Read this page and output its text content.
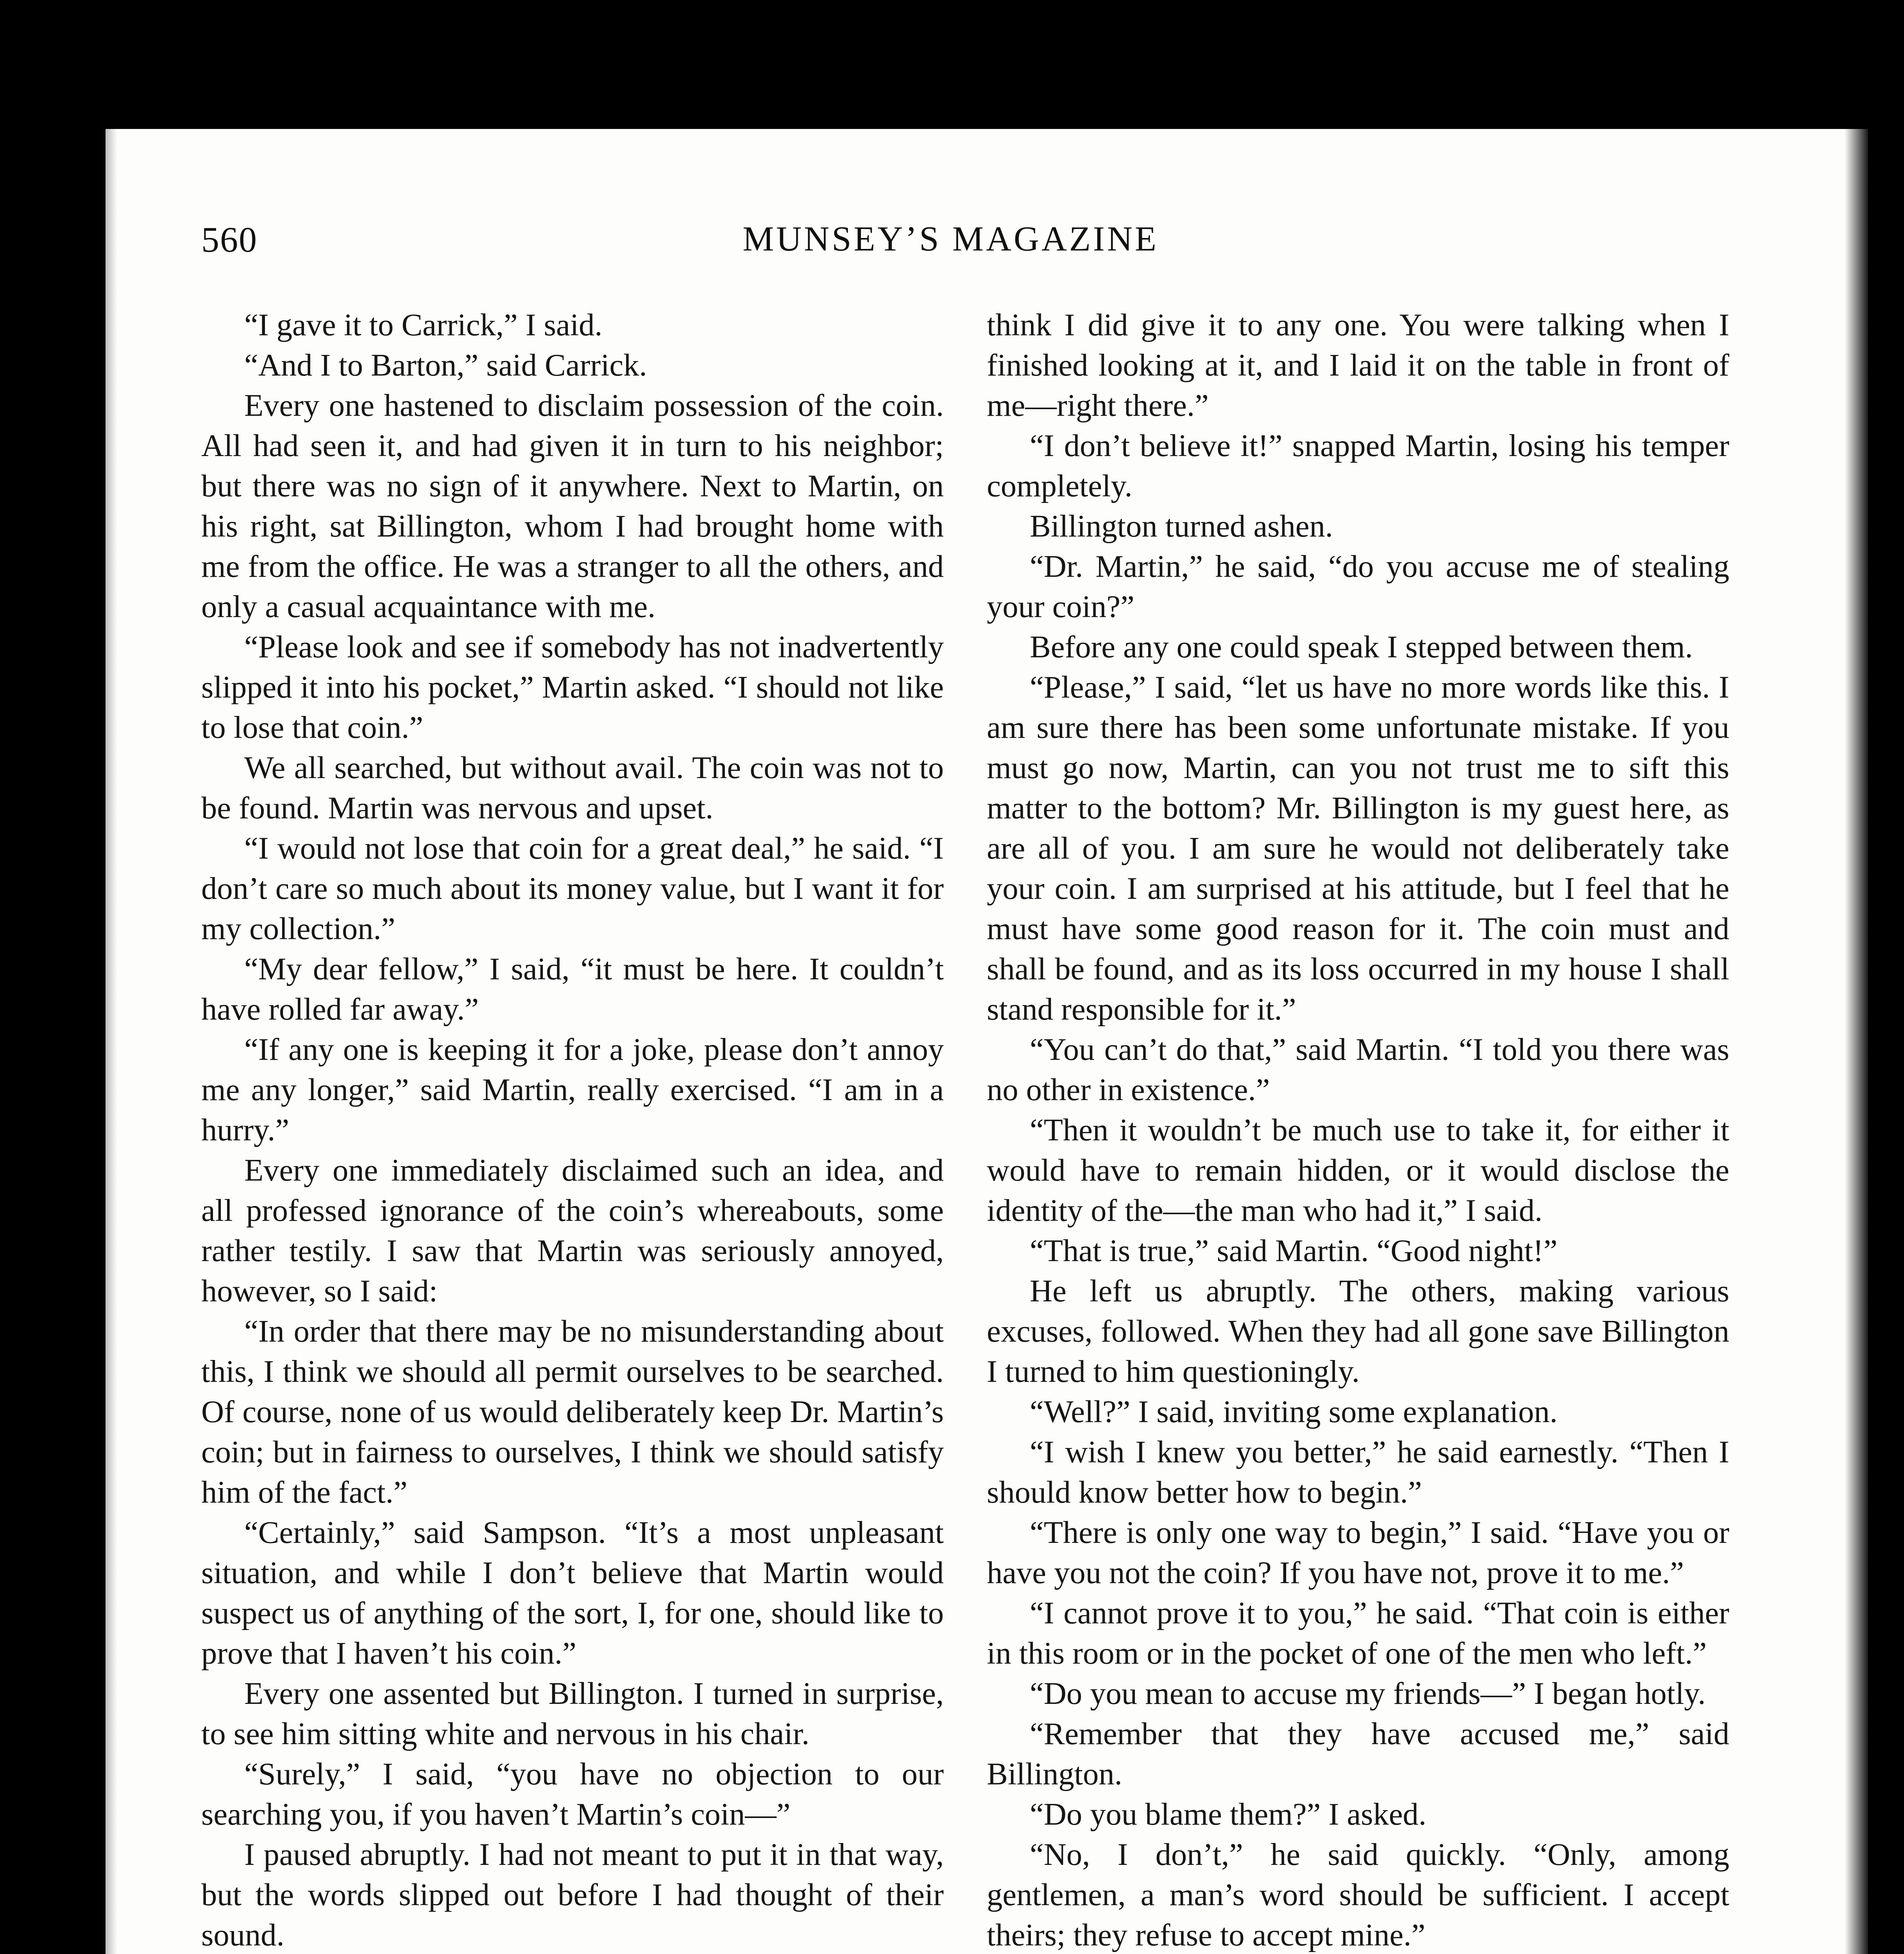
560	MUNSEY’S MAGAZINE

“I gave it to Carrick,” I said.

“And I to Barton,” said Carrick.

Every one hastened to disclaim possession of the coin. All had seen it, and had given it in turn to his neighbor; but there was no sign of it anywhere. Next to Martin, on his right, sat Billington, whom I had brought home with me from the office. He was a stranger to all the others, and only a casual acquaintance with me.

“Please look and see if somebody has not inadvertently slipped it into his pocket,” Martin asked. “I should not like to lose that coin.”

We all searched, but without avail. The coin was not to be found. Martin was nervous and upset.

“I would not lose that coin for a great deal,” he said. “I don’t care so much about its money value, but I want it for my collection.”

“My dear fellow,” I said, “it must be here. It couldn’t have rolled far away.”

“If any one is keeping it for a joke, please don’t annoy me any longer,” said Martin, really exercised. “I am in a hurry.”

Every one immediately disclaimed such an idea, and all professed ignorance of the coin’s whereabouts, some rather testily. I saw that Martin was seriously annoyed, however, so I said:

“In order that there may be no misunderstanding about this, I think we should all permit ourselves to be searched. Of course, none of us would deliberately keep Dr. Martin’s coin; but in fairness to ourselves, I think we should satisfy him of the fact.”

“Certainly,” said Sampson. “It’s a most unpleasant situation, and while I don’t believe that Martin would suspect us of anything of the sort, I, for one, should like to prove that I haven’t his coin.”

Every one assented but Billington. I turned in surprise, to see him sitting white and nervous in his chair.

“Surely,” I said, “you have no objection to our searching you, if you haven’t Martin’s coin—”

I paused abruptly. I had not meant to put it in that way, but the words slipped out before I had thought of their sound.

think I did give it to any one. You were talking when I finished looking at it, and I laid it on the table in front of me—right there.”

“I don’t believe it!” snapped Martin, losing his temper completely.

Billington turned ashen.

“Dr. Martin,” he said, “do you accuse me of stealing your coin?”

Before any one could speak I stepped between them.

“Please,” I said, “let us have no more words like this. I am sure there has been some unfortunate mistake. If you must go now, Martin, can you not trust me to sift this matter to the bottom? Mr. Billington is my guest here, as are all of you. I am sure he would not deliberately take your coin. I am surprised at his attitude, but I feel that he must have some good reason for it. The coin must and shall be found, and as its loss occurred in my house I shall stand responsible for it.”

“You can’t do that,” said Martin. “I told you there was no other in existence.”

“Then it wouldn’t be much use to take it, for either it would have to remain hidden, or it would disclose the identity of the—the man who had it,” I said.

“That is true,” said Martin. “Good night!”

He left us abruptly. The others, making various excuses, followed. When they had all gone save Billington I turned to him questioningly.

“Well?” I said, inviting some explanation.

“I wish I knew you better,” he said earnestly. “Then I should know better how to begin.”

“There is only one way to begin,” I said. “Have you or have you not the coin? If you have not, prove it to me.”

“I cannot prove it to you,” he said. “That coin is either in this room or in the pocket of one of the men who left.”

“Do you mean to accuse my friends—” I began hotly.

“Remember that they have accused me,” said Billington.

“Do you blame them?” I asked.

“No, I don’t,” he said quickly. “Only, among gentlemen, a man’s word should be sufficient. I accept theirs; they refuse to accept mine.”
